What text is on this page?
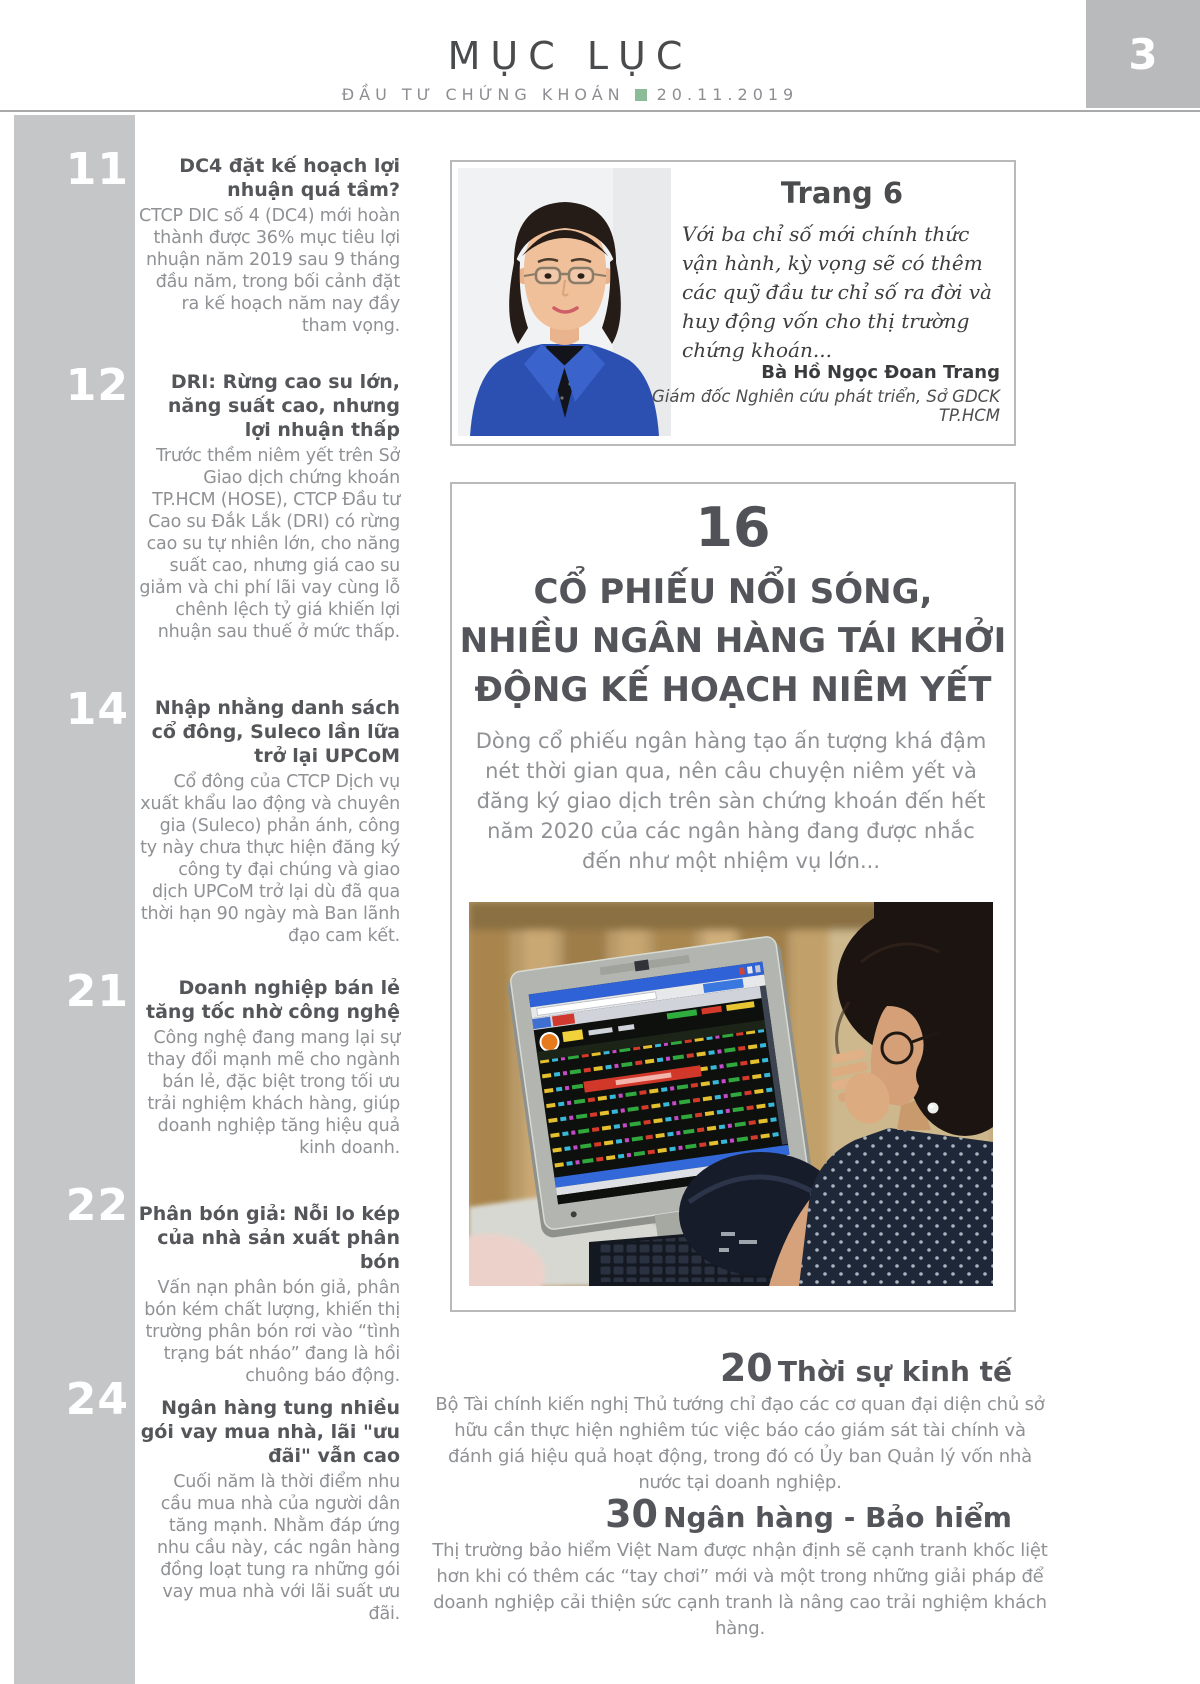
3
MỤC LỤC
ĐẦU TƯ CHỨNG KHOÁN 20.11.2019
11	DC4 đặt kế hoạch lợi nhuận quá tầm?
CTCP DIC số 4 (DC4) mới hoàn thành được 36% mục tiêu lợi nhuận năm 2019 sau 9 tháng đầu năm, trong bối cảnh đặt ra kế hoạch năm nay đầy tham vọng.
12	DRI: Rừng cao su lớn, năng suất cao, nhưng lợi nhuận thấp
Trước thềm niêm yết trên Sở Giao dịch chứng khoán TP.HCM (HOSE), CTCP Đầu tư Cao su Đắk Lắk (DRI) có rừng cao su tự nhiên lớn, cho năng suất cao, nhưng giá cao su giảm và chi phí lãi vay cùng lỗ chênh lệch tỷ giá khiến lợi nhuận sau thuế ở mức thấp.
14	Nhập nhằng danh sách cổ đông, Suleco lần lữa trở lại UPCoM
Cổ đông của CTCP Dịch vụ xuất khẩu lao động và chuyên gia (Suleco) phản ánh, công ty này chưa thực hiện đăng ký công ty đại chúng và giao dịch UPCoM trở lại dù đã qua thời hạn 90 ngày mà Ban lãnh đạo cam kết.
21	Doanh nghiệp bán lẻ tăng tốc nhờ công nghệ
Công nghệ đang mang lại sự thay đổi mạnh mẽ cho ngành bán lẻ, đặc biệt trong tối ưu trải nghiệm khách hàng, giúp doanh nghiệp tăng hiệu quả kinh doanh.
22 Phân bón giả: Nỗi lo kép của nhà sản xuất phân bón
Vấn nạn phân bón giả, phân bón kém chất lượng, khiến thị trường phân bón rơi vào “tình trạng bát nháo” đang là hồi chuông báo động.
24	Ngân hàng tung nhiều gói vay mua nhà, lãi "ưu đãi" vẫn cao
Cuối năm là thời điểm nhu cầu mua nhà của người dân tăng mạnh. Nhằm đáp ứng nhu cầu này, các ngân hàng đồng loạt tung ra những gói vay mua nhà với lãi suất ưu đãi.
Trang 6
Với ba chỉ số mới chính thức vận hành, kỳ vọng sẽ có thêm các quỹ đầu tư chỉ số ra đời và huy động vốn cho thị trường chứng khoán...
Bà Hồ Ngọc Đoan Trang
Giám đốc Nghiên cứu phát triển, Sở GDCK TP.HCM
16
CỔ PHIẾU NỔI SÓNG,
NHIỀU NGÂN HÀNG TÁI KHỞI
ĐỘNG KẾ HOẠCH NIÊM YẾT
Dòng cổ phiếu ngân hàng tạo ấn tượng khá đậm nét thời gian qua, nên câu chuyện niêm yết và đăng ký giao dịch trên sàn chứng khoán đến hết năm 2020 của các ngân hàng đang được nhắc đến như một nhiệm vụ lớn...
20 Thời sự kinh tế
Bộ Tài chính kiến nghị Thủ tướng chỉ đạo các cơ quan đại diện chủ sở hữu cần thực hiện nghiêm túc việc báo cáo giám sát tài chính và đánh giá hiệu quả hoạt động, trong đó có Ủy ban Quản lý vốn nhà nước tại doanh nghiệp.
30 Ngân hàng - Bảo hiểm
Thị trường bảo hiểm Việt Nam được nhận định sẽ cạnh tranh khốc liệt hơn khi có thêm các “tay chơi” mới và một trong những giải pháp để doanh nghiệp cải thiện sức cạnh tranh là nâng cao trải nghiệm khách hàng.
